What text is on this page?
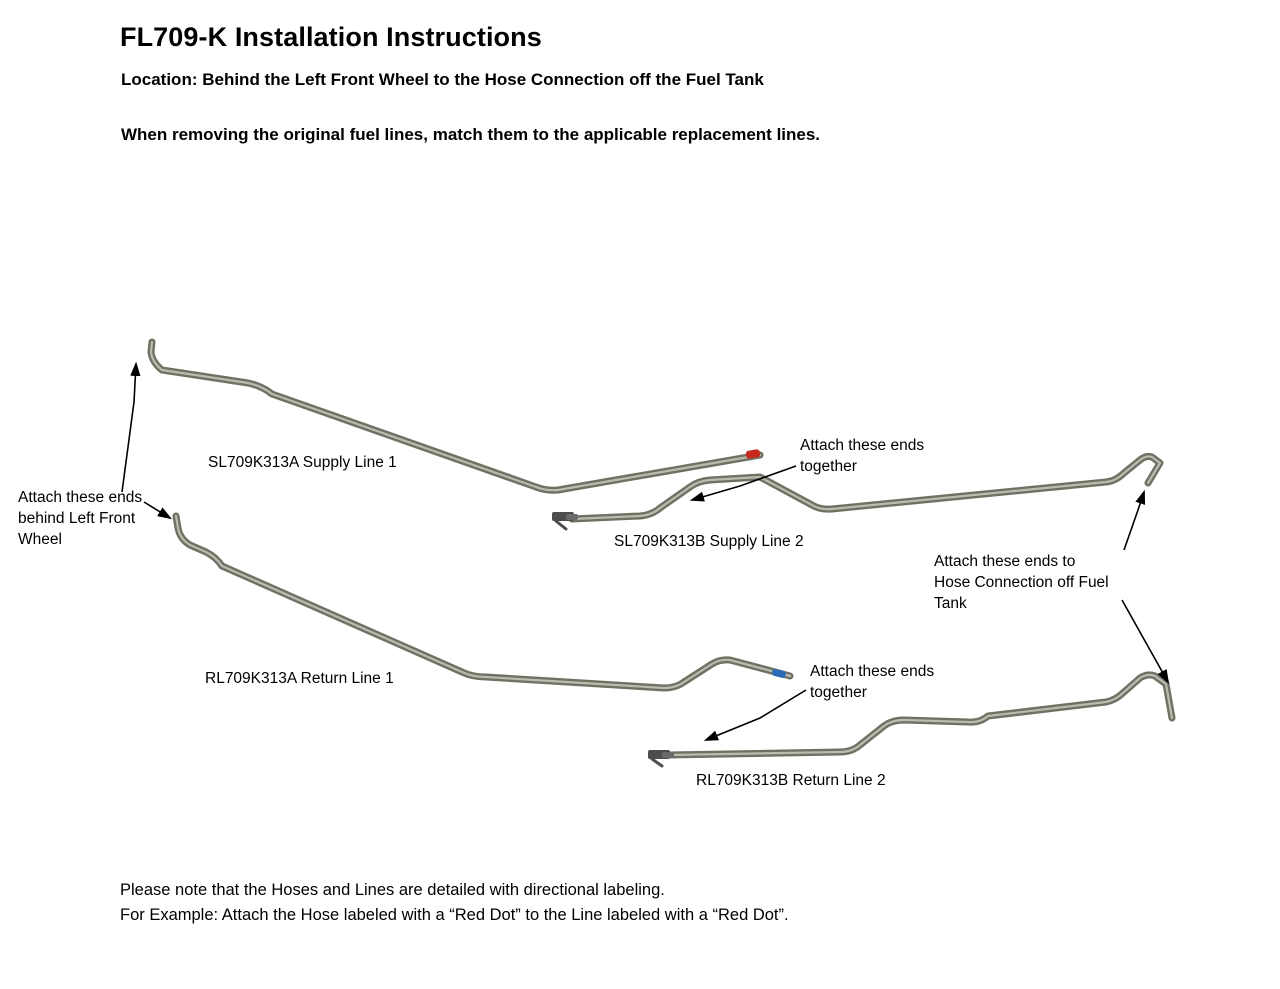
FL709-K Installation Instructions
Location: Behind the Left Front Wheel to the Hose Connection off the Fuel Tank
When removing the original fuel lines, match them to the applicable replacement lines.
SL709K313A Supply Line 1
SL709K313B Supply Line 2
RL709K313A Return Line 1
RL709K313B Return Line 2
Attach these ends behind Left Front Wheel
Attach these ends together
Attach these ends together
Attach these ends to Hose Connection off Fuel Tank
Please note that the Hoses and Lines are detailed with directional labeling.
For Example: Attach the Hose labeled with a “Red Dot” to the Line labeled with a “Red Dot”.
